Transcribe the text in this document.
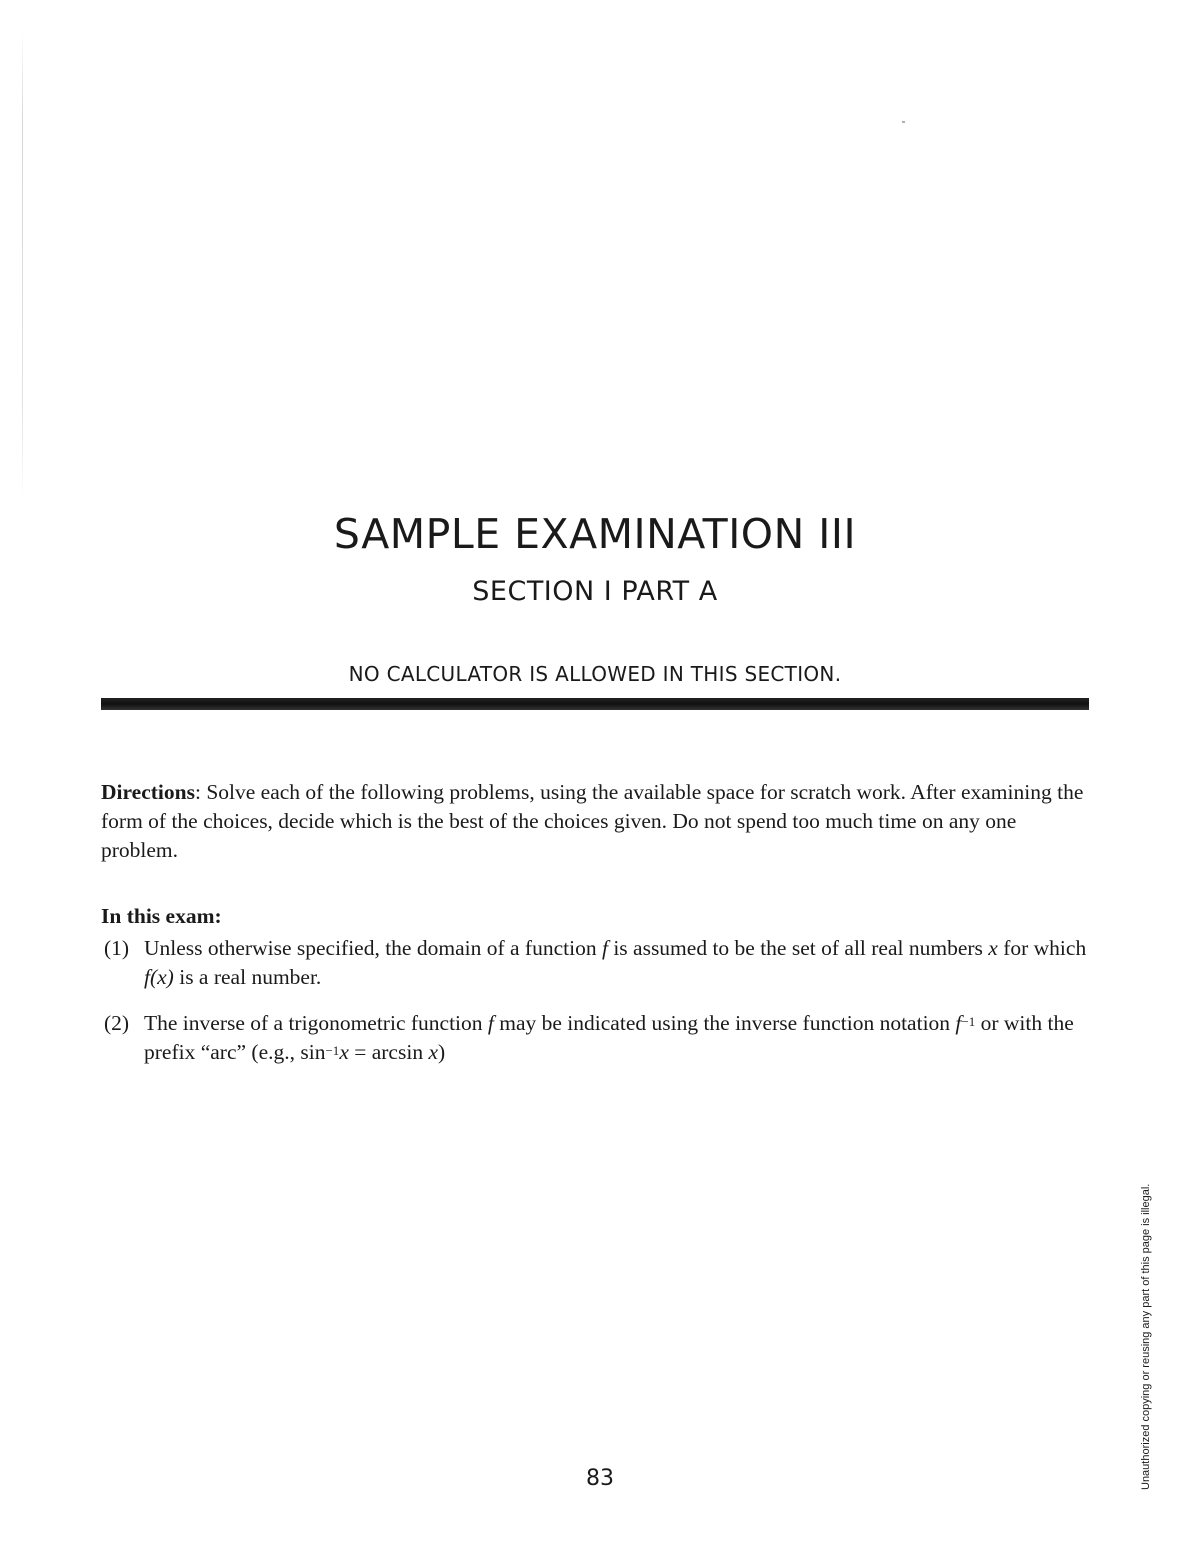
SAMPLE EXAMINATION III
SECTION I PART A
NO CALCULATOR IS ALLOWED IN THIS SECTION.

Directions: Solve each of the following problems, using the available space for scratch work. After examining the form of the choices, decide which is the best of the choices given. Do not spend too much time on any one problem.

In this exam:

(1) Unless otherwise specified, the domain of a function f is assumed to be the set of all real numbers x for which f(x) is a real number.
(2) The inverse of a trigonometric function f may be indicated using the inverse function notation $f^{-1}$ or with the prefix “arc” (e.g., $\sin^{-1}x = \arcsin x$)
83	Unauthorized copying or reusing any part of this page is illegal.
